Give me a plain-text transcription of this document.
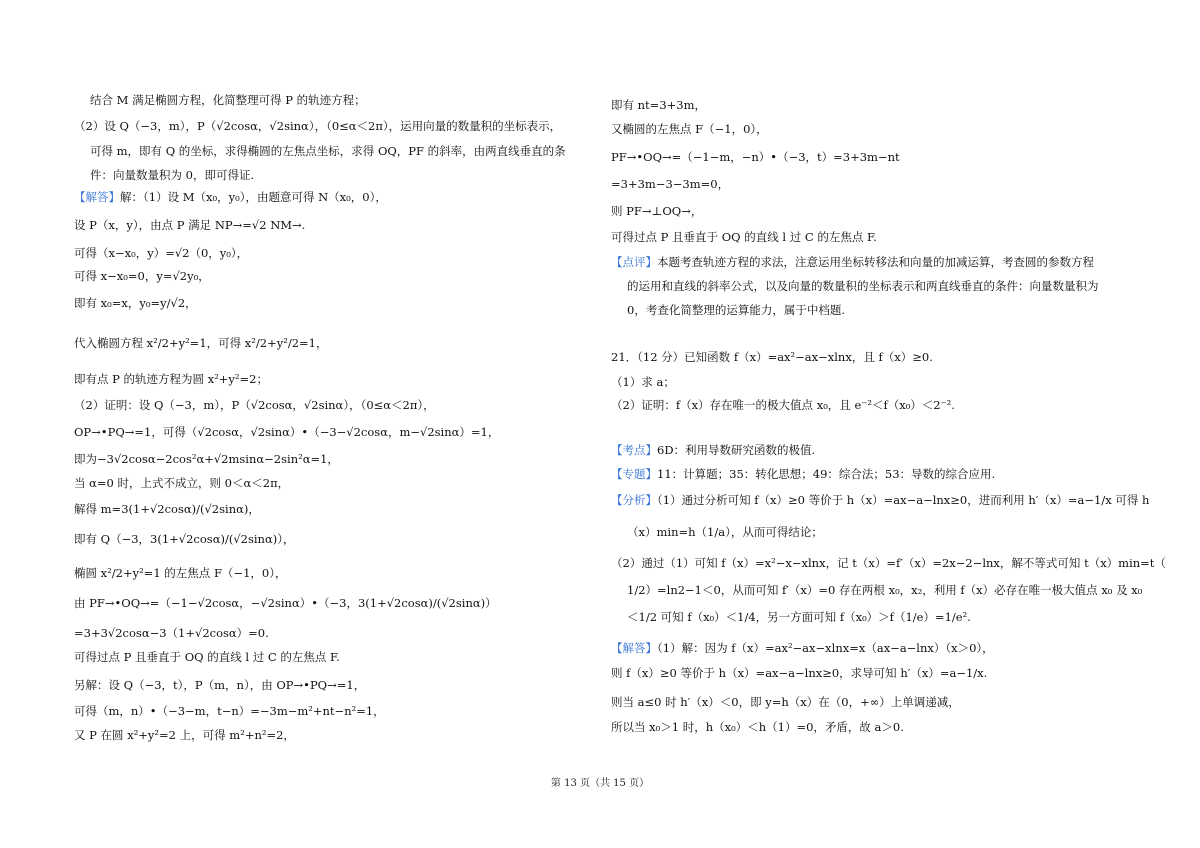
结合 M 满足椭圆方程，化简整理可得 P 的轨迹方程；
（2）设 Q（−3，m），P（√2cosα，√2sinα），（0≤α＜2π），运用向量的数量积的坐标表示，
可得 m，即有 Q 的坐标，求得椭圆的左焦点坐标，求得 OQ，PF 的斜率，由两直线垂直的条
件：向量数量积为 0，即可得证.
【解答】解：（1）设 M（x₀，y₀），由题意可得 N（x₀，0），
设 P（x，y），由点 P 满足 NP→=√2 NM→.
可得（x−x₀，y）=√2（0，y₀），
可得 x−x₀=0，y=√2y₀，
即有 x₀=x，y₀=y/√2，
代入椭圆方程 x²/2+y²=1，可得 x²/2+y²/2=1，
即有点 P 的轨迹方程为圆 x²+y²=2；
（2）证明：设 Q（−3，m），P（√2cosα，√2sinα），（0≤α＜2π），
OP→•PQ→=1，可得（√2cosα，√2sinα）•（−3−√2cosα，m−√2sinα）=1，
即为−3√2cosα−2cos²α+√2msinα−2sin²α=1，
当 α=0 时，上式不成立，则 0＜α＜2π，
解得 m=3(1+√2cosα)/(√2sinα)，
即有 Q（−3，3(1+√2cosα)/(√2sinα)），
椭圆 x²/2+y²=1 的左焦点 F（−1，0），
由 PF→•OQ→=（−1−√2cosα，−√2sinα）•（−3，3(1+√2cosα)/(√2sinα)）
=3+3√2cosα−3（1+√2cosα）=0.
可得过点 P 且垂直于 OQ 的直线 l 过 C 的左焦点 F.
另解：设 Q（−3，t），P（m，n），由 OP→•PQ→=1，
可得（m，n）•（−3−m，t−n）=−3m−m²+nt−n²=1，
又 P 在圆 x²+y²=2 上，可得 m²+n²=2，
即有 nt=3+3m，
又椭圆的左焦点 F（−1，0），
PF→•OQ→=（−1−m，−n）•（−3，t）=3+3m−nt
=3+3m−3−3m=0，
则 PF→⊥OQ→，
可得过点 P 且垂直于 OQ 的直线 l 过 C 的左焦点 F.
【点评】本题考查轨迹方程的求法，注意运用坐标转移法和向量的加减运算，考查圆的参数方程
的运用和直线的斜率公式，以及向量的数量积的坐标表示和两直线垂直的条件：向量数量积为
0，考查化简整理的运算能力，属于中档题.
21．（12 分）已知函数 f（x）=ax²−ax−xlnx，且 f（x）≥0.
（1）求 a；
（2）证明：f（x）存在唯一的极大值点 x₀，且 e⁻²＜f（x₀）＜2⁻².
【考点】6D：利用导数研究函数的极值.
【专题】11：计算题；35：转化思想；49：综合法；53：导数的综合应用.
【分析】（1）通过分析可知 f（x）≥0 等价于 h（x）=ax−a−lnx≥0，进而利用 h′（x）=a−1/x 可得 h
（x）min=h（1/a），从而可得结论；
（2）通过（1）可知 f（x）=x²−x−xlnx，记 t（x）=f′（x）=2x−2−lnx，解不等式可知 t（x）min=t（
1/2）=ln2−1＜0，从而可知 f′（x）=0 存在两根 x₀，x₂，利用 f（x）必存在唯一极大值点 x₀ 及 x₀
＜1/2 可知 f（x₀）＜1/4，另一方面可知 f（x₀）＞f（1/e）=1/e².
【解答】（1）解：因为 f（x）=ax²−ax−xlnx=x（ax−a−lnx）（x＞0），
则 f（x）≥0 等价于 h（x）=ax−a−lnx≥0，求导可知 h′（x）=a−1/x.
则当 a≤0 时 h′（x）＜0，即 y=h（x）在（0，+∞）上单调递减，
所以当 x₀＞1 时，h（x₀）＜h（1）=0，矛盾，故 a＞0.
第 13 页（共 15 页）
